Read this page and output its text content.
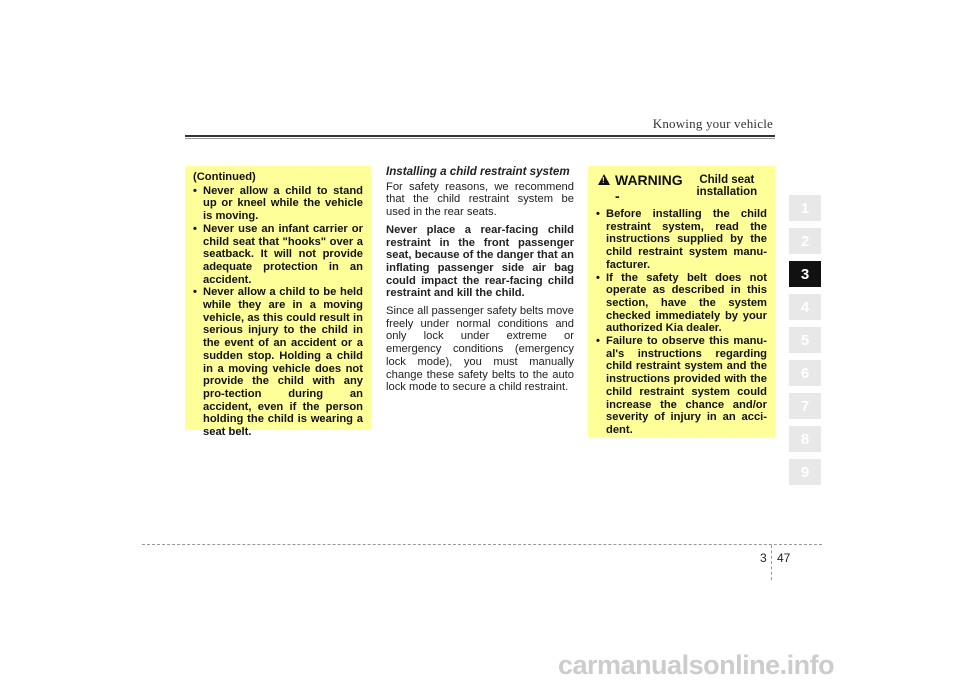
Knowing your vehicle
(Continued)
• Never allow a child to stand up or kneel while the vehicle is moving.
• Never use an infant carrier or child seat that "hooks" over a seatback. It will not provide adequate protection in an accident.
• Never allow a child to be held while they are in a moving vehicle, as this could result in serious injury to the child in the event of an accident or a sudden stop. Holding a child in a moving vehicle does not provide the child with any pro-tection during an accident, even if the person holding the child is wearing a seat belt.
Installing a child restraint system

For safety reasons, we recommend that the child restraint system be used in the rear seats.

Never place a rear-facing child restraint in the front passenger seat, because of the danger that an inflating passenger side air bag could impact the rear-facing child restraint and kill the child.

Since all passenger safety belts move freely under normal conditions and only lock under extreme or emergency conditions (emergency lock mode), you must manually change these safety belts to the auto lock mode to secure a child restraint.

!
WARNING -
Child seat installation
• Before installing the child restraint system, read the instructions supplied by the child restraint system manu-facturer.
• If the safety belt does not operate as described in this section, have the system checked immediately by your authorized Kia dealer.
• Failure to observe this manu-al's instructions regarding child restraint system and the instructions provided with the child restraint system could increase the chance and/or severity of injury in an acci-dent.
1
2
3
4
5
6
7
8
9
3 47
carmanualsonline.info
